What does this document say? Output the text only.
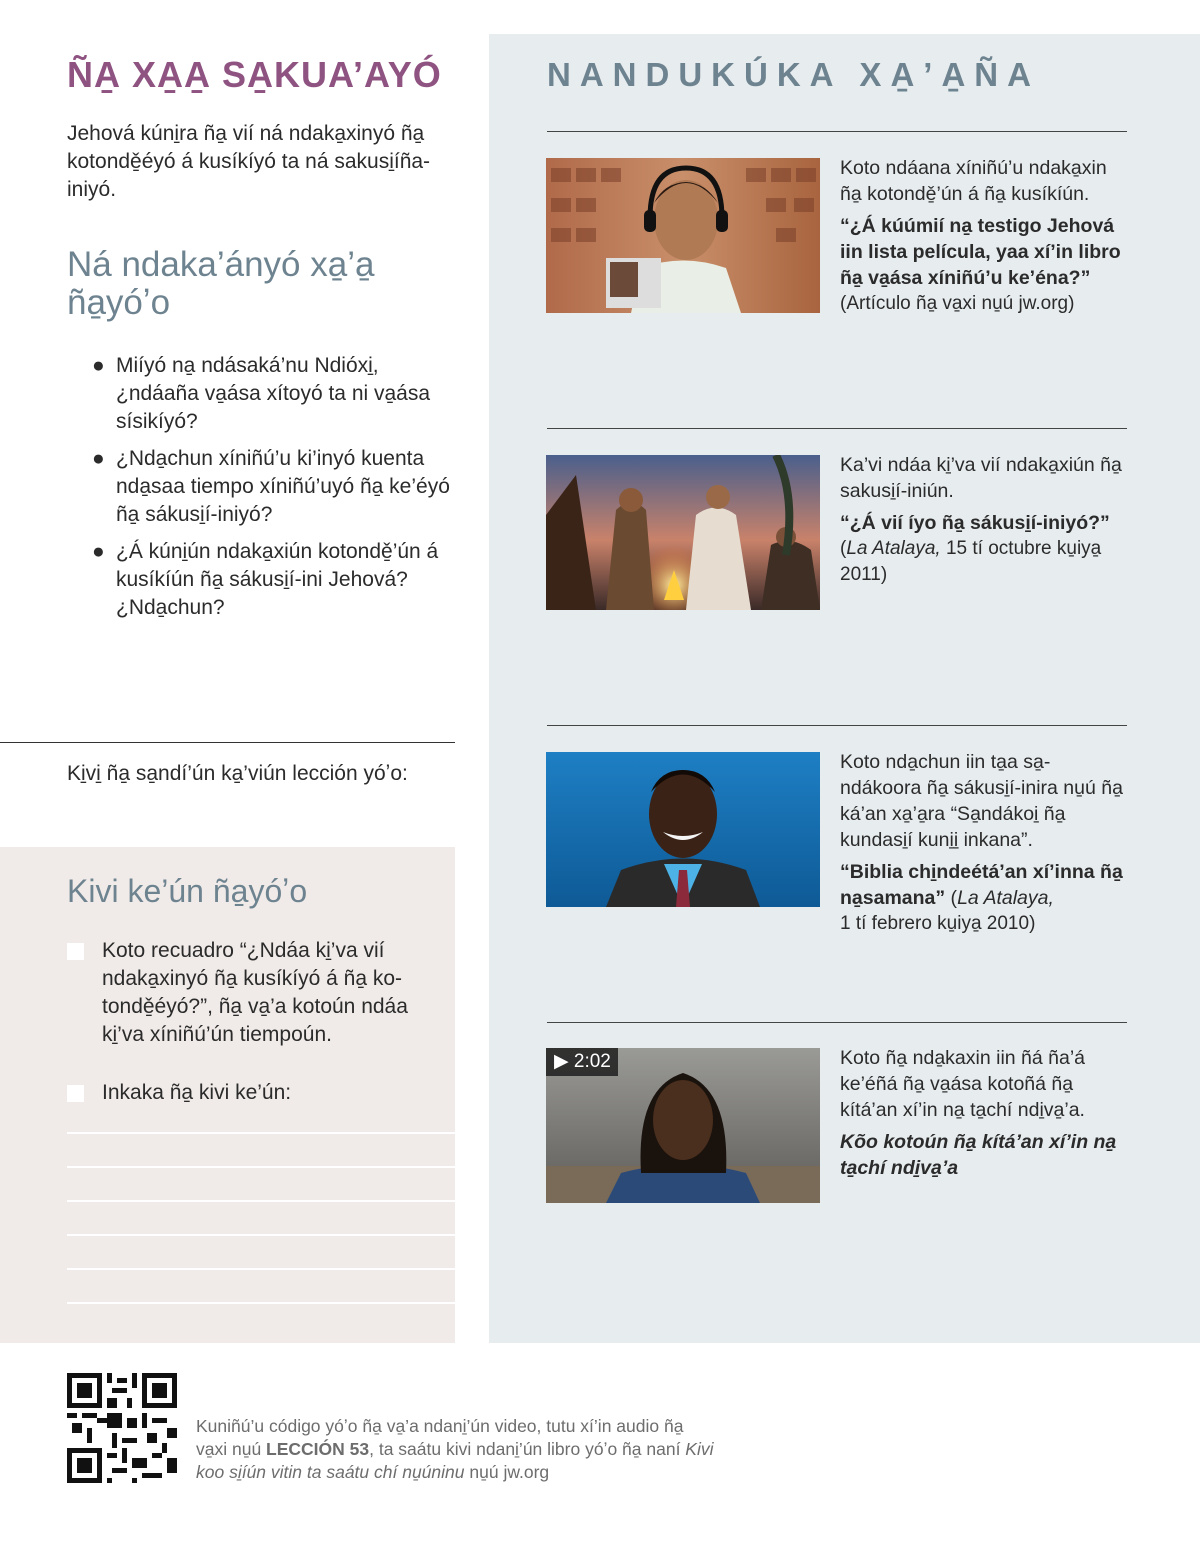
ÑA̱ XA̱A̱ SA̱KUA’AYÓ
Jehová kúni̱ra ña̱ vií ná ndaka̱xinyó ña̱ kotondě̱éyó á kusíkíyó ta ná sakusi̱íña-iniyó.
Ná ndaka’ányó xa̱’a̱ ña̱yóʼo
● Miíyó na̱ ndásaká’nu Ndióxi̱, ¿ndáaña va̱ása xítoyó ta ni va̱ása sísikíyó?
● ¿Nda̱chun xíniñú’u ki’inyó kuenta nda̱saa tiempo xíniñú’uyó ña̱ ke’éyó ña̱ sákusi̱í-iniyó?
● ¿Á kúni̱ún ndaka̱xiún kotondě̱’ún á kusíkíún ña̱ sákusi̱í-ini Jehová? ¿Nda̱chun?
Ki̱vi̱ ña̱ sa̱ndí’ún ka̱’viún lección yóʼo:
Kivi ke’ún ña̱yóʼo
Koto recuadro “¿Ndáa ki̱’va vií ndaka̱xinyó ña̱ kusíkíyó á ña̱ ko-tondě̱éyó?”, ña̱ va̱’a kotoún ndáa ki̱’va xíniñú’ún tiempoún.
Inkaka ña̱ kivi ke’ún:
NANDUKÚKA XA̱’A̱ÑA
Koto ndáana xíniñú’u ndaka̱xin ña̱ kotondě̱’ún á ña̱ kusíkíún.
“¿Á kúúmií na̱ testigo Jehová iin lista película, yaa xí’in libro ña̱ va̱ása xíniñú’u ke’éna?”
(Artículo ña̱ va̱xi nu̱ú jw.org)
Ka’vi ndáa ki̱’va vií ndaka̱xiún ña̱ sakusi̱í-iniún.
“¿Á vií íyo ña̱ sákusi̱í-iniyó?”
(La Atalaya, 15 tí octubre ku̱iya̱ 2011)
Koto nda̱chun iin ta̱a sa̱-ndákoora ña̱ sákusi̱í-inira nu̱ú ña̱ ká’an xa̱’a̱ra “Sa̱ndákoi̱ ña̱ kundasi̱í kuni̱i̱ inkana”.
“Biblia chi̱ndeétá’an xí’inna ña̱ na̱samana” (La Atalaya,
1 tí febrero ku̱iya̱ 2010)
▶ 2:02	Koto ña̱ nda̱kaxin iin ñá ña’á ke’éñá ña̱ va̱ása kotoñá ña̱ kítá’an xí’in na̱ ta̱chí ndi̱va̱’a.
Kõo kotoún ña̱ kítá’an xí’in na̱ ta̱chí ndi̱va̱’a
Kuniñú’u código yóʼo ña̱ va̱’a ndani̱’ún video, tutu xí’in audio ña̱ va̱xi nu̱ú LECCIÓN 53, ta saátu kivi ndani̱’ún libro yóʼo ña̱ naní Kivi koo si̱íún vitin ta saátu chí nu̱úninu nu̱ú jw.org
